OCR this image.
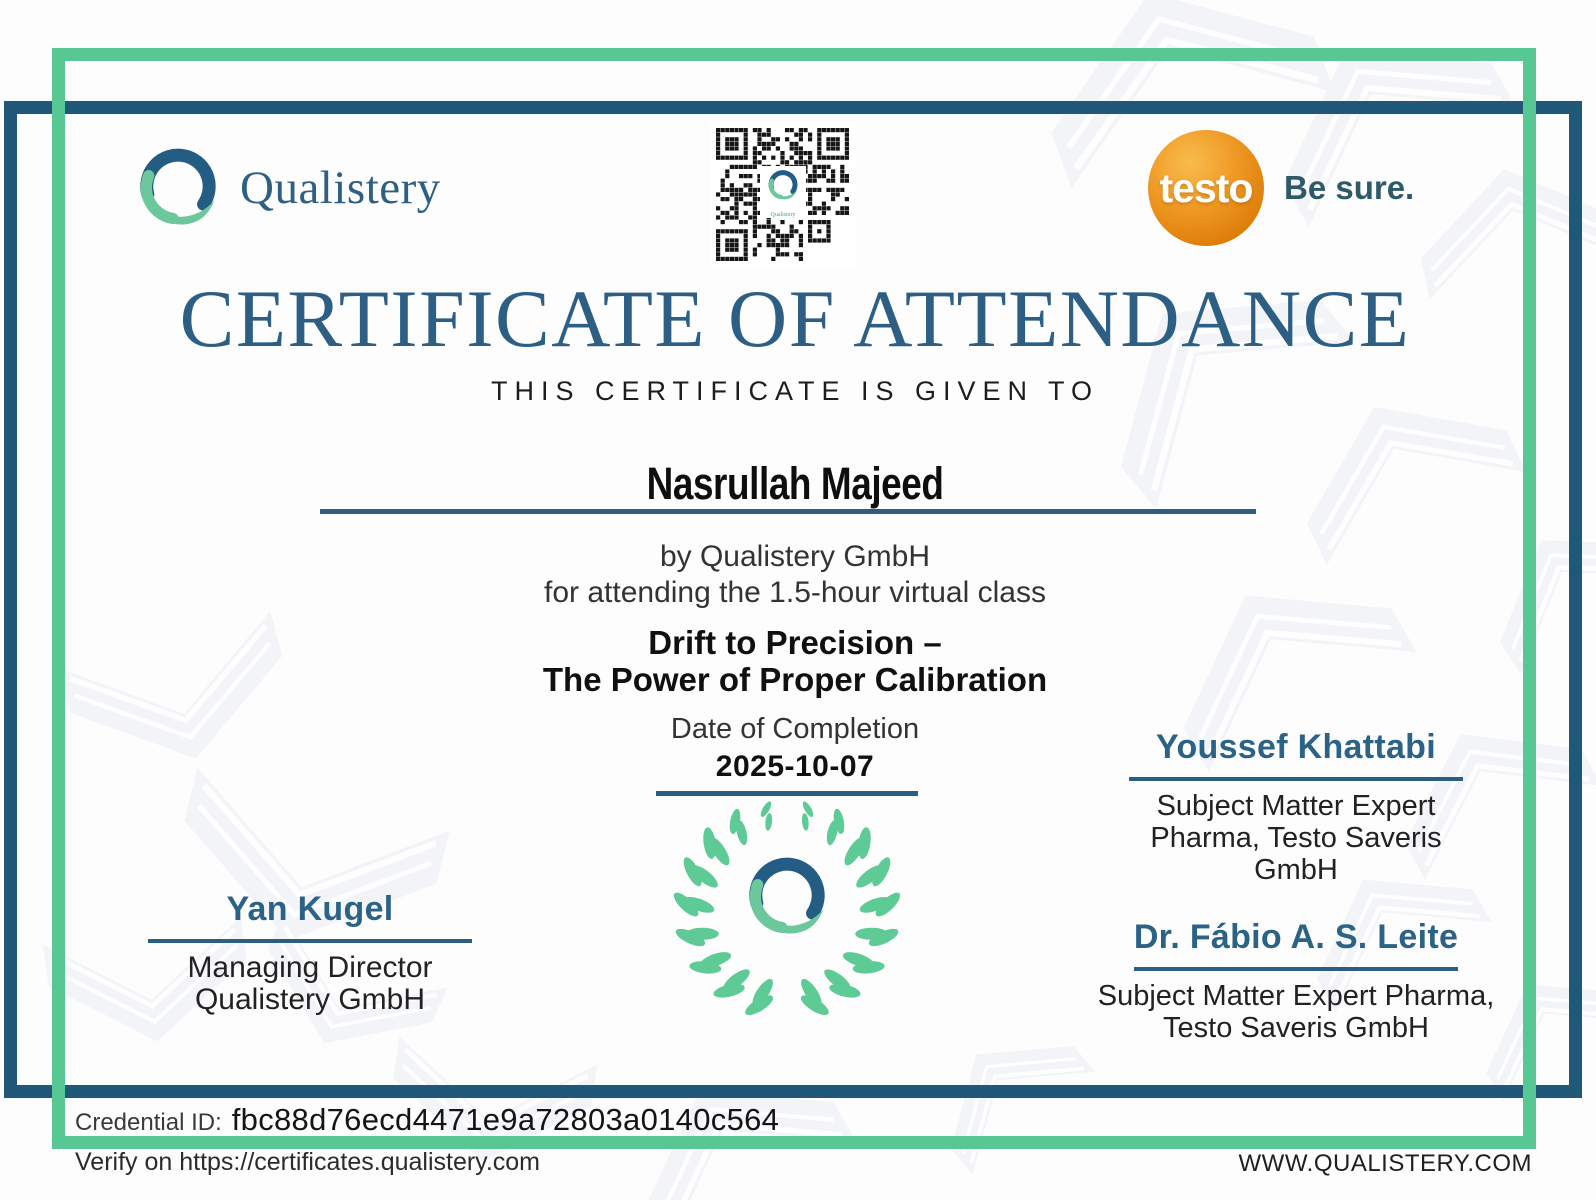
Qualistery
Qualistery
testo Be sure.
CERTIFICATE OF ATTENDANCE
THIS CERTIFICATE IS GIVEN TO
Nasrullah Majeed
by Qualistery GmbH
for attending the 1.5-hour virtual class
Drift to Precision –
The Power of Proper Calibration
Date of Completion
2025-10-07
Yan Kugel
Managing Director
Qualistery GmbH
Youssef Khattabi
Subject Matter Expert
Pharma, Testo Saveris
GmbH
Dr. Fábio A. S. Leite
Subject Matter Expert Pharma,
Testo Saveris GmbH
Credential ID: fbc88d76ecd4471e9a72803a0140c564
Verify on https://certificates.qualistery.com	WWW.QUALISTERY.COM
